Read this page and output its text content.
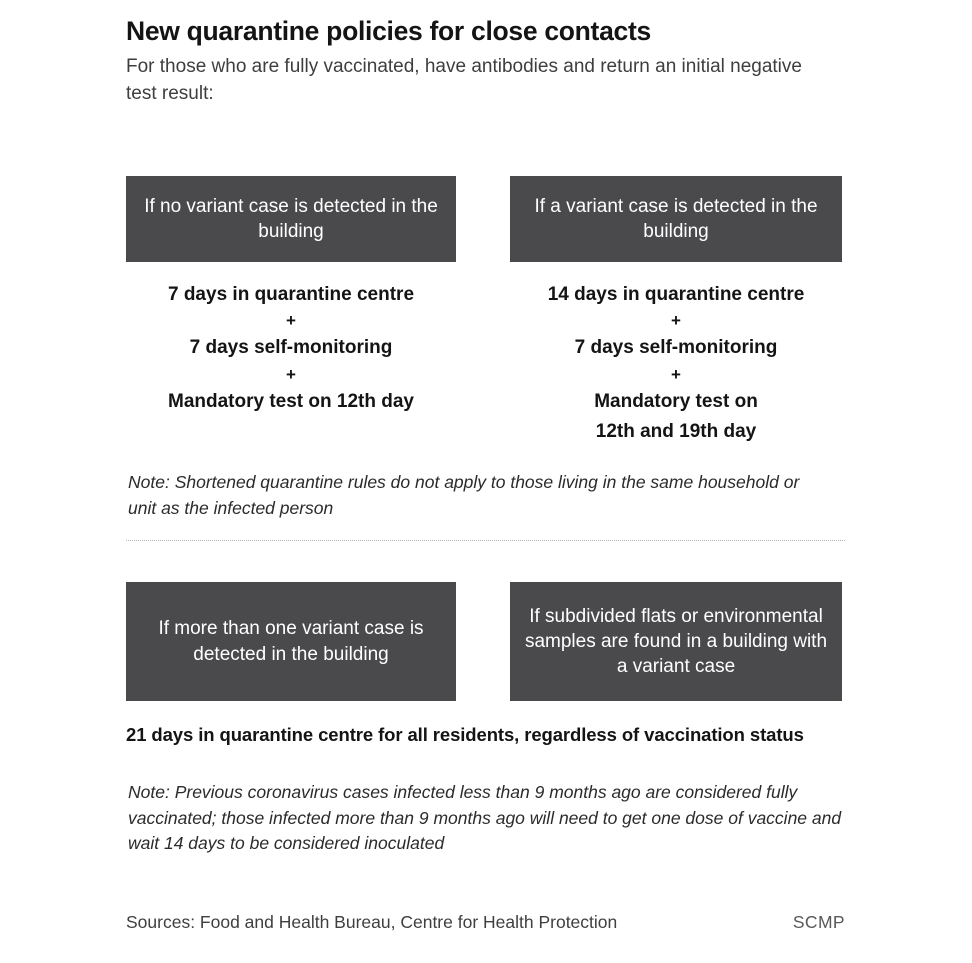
New quarantine policies for close contacts

For those who are fully vaccinated, have antibodies and return an initial negative test result:

If no variant case is detected in the building
If a variant case is detected in the building
7 days in quarantine centre
+
7 days self-monitoring
+
Mandatory test on 12th day
14 days in quarantine centre
+
7 days self-monitoring
+
Mandatory test on
12th and 19th day
Note: Shortened quarantine rules do not apply to those living in the same household or unit as the infected person
If more than one variant case is detected in the building
If subdivided flats or environmental samples are found in a building with a variant case
21 days in quarantine centre for all residents, regardless of vaccination status
Note: Previous coronavirus cases infected less than 9 months ago are considered fully vaccinated; those infected more than 9 months ago will need to get one dose of vaccine and wait 14 days to be considered inoculated
Sources: Food and Health Bureau, Centre for Health Protection	SCMP
